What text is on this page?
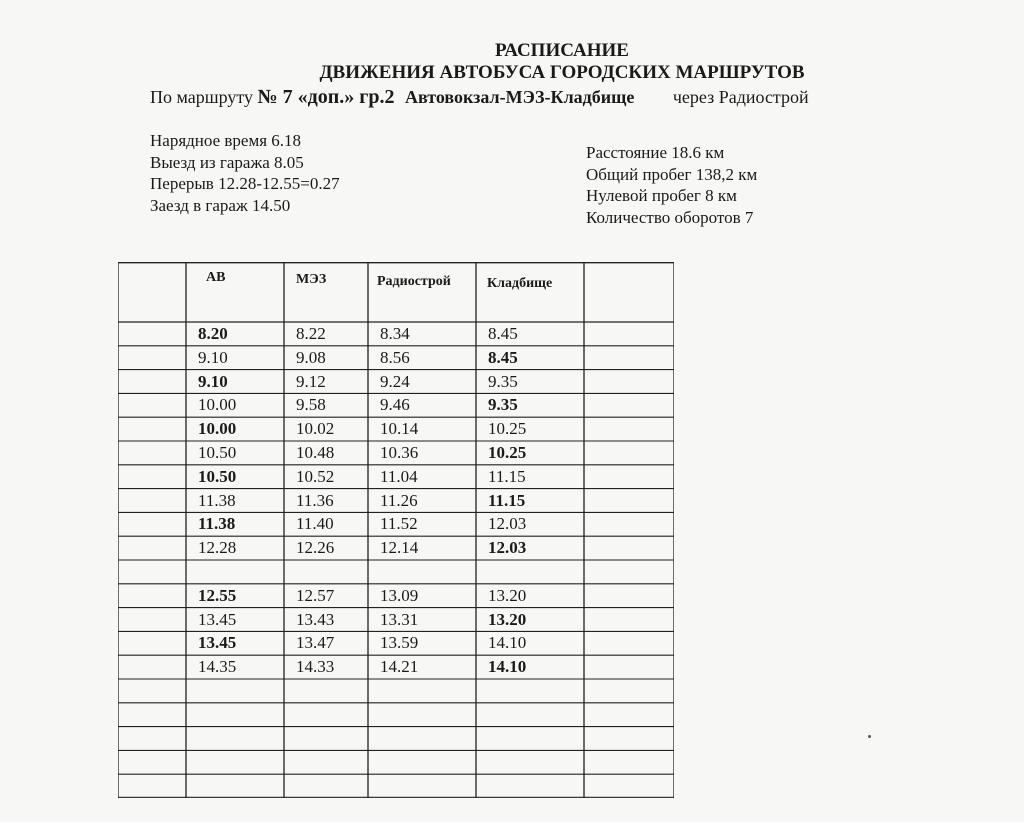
РАСПИСАНИЕ
ДВИЖЕНИЯ АВТОБУСА ГОРОДСКИХ МАРШРУТОВ
По маршруту № 7 «доп.» гр.2 Автовокзал-МЭЗ-Кладбище через Радиострой
Нарядное время 6.18
Выезд из гаража 8.05
Перерыв 12.28-12.55=0.27
Заезд в гараж 14.50
Расстояние 18.6 км
Общий пробег 138,2 км
Нулевой пробег 8 км
Количество оборотов 7
АВ	МЭЗ	Радиострой	Кладбище
8.20	8.22	8.34	8.45
9.10	9.08	8.56	8.45
9.10	9.12	9.24	9.35
10.00	9.58	9.46	9.35
10.00	10.02	10.14	10.25
10.50	10.48	10.36	10.25
10.50	10.52	11.04	11.15
11.38	11.36	11.26	11.15
11.38	11.40	11.52	12.03
12.28	12.26	12.14	12.03
12.55	12.57	13.09	13.20
13.45	13.43	13.31	13.20
13.45	13.47	13.59	14.10
14.35	14.33	14.21	14.10
